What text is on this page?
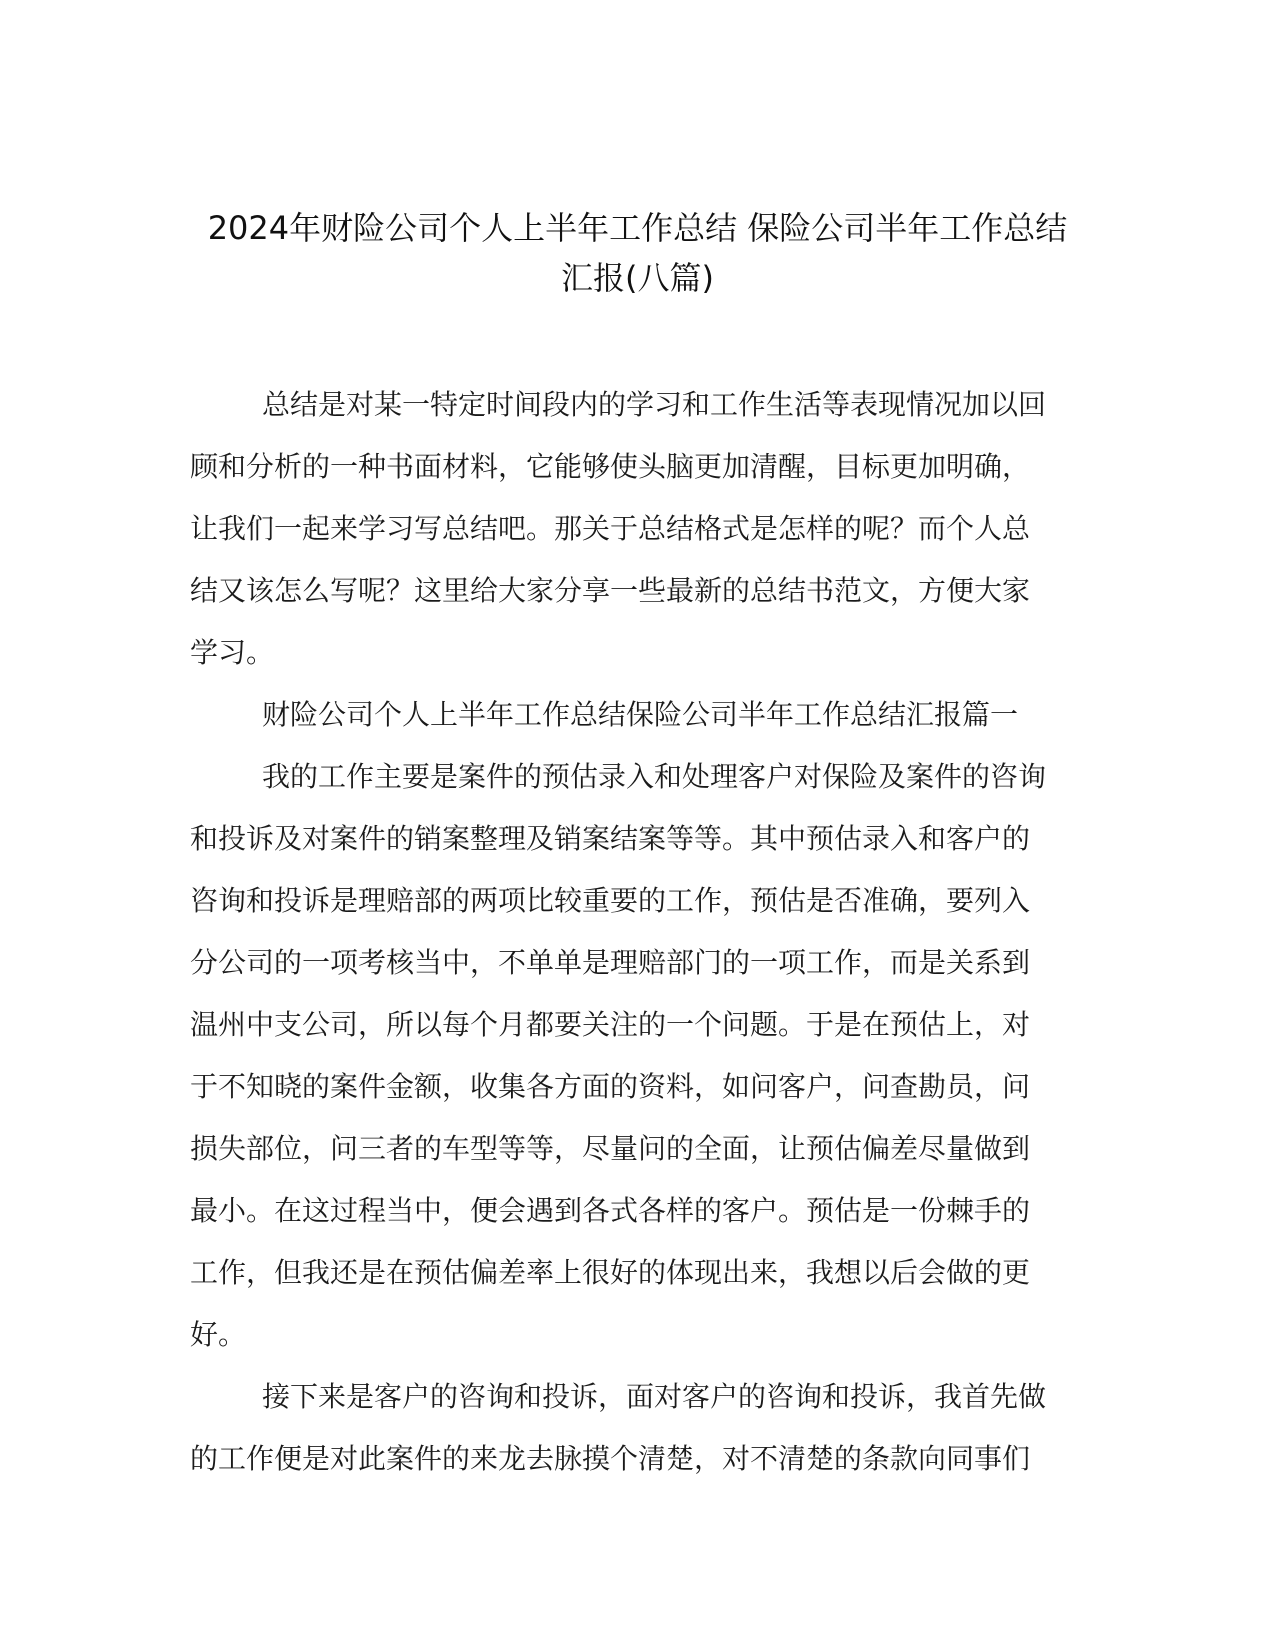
2024年财险公司个人上半年工作总结 保险公司半年工作总结
汇报(八篇)

总结是对某一特定时间段内的学习和工作生活等表现情况加以回
顾和分析的一种书面材料，它能够使头脑更加清醒，目标更加明确，
让我们一起来学习写总结吧。那关于总结格式是怎样的呢？而个人总
结又该怎么写呢？这里给大家分享一些最新的总结书范文，方便大家
学习。

财险公司个人上半年工作总结保险公司半年工作总结汇报篇一

我的工作主要是案件的预估录入和处理客户对保险及案件的咨询
和投诉及对案件的销案整理及销案结案等等。其中预估录入和客户的
咨询和投诉是理赔部的两项比较重要的工作，预估是否准确，要列入
分公司的一项考核当中，不单单是理赔部门的一项工作，而是关系到
温州中支公司，所以每个月都要关注的一个问题。于是在预估上，对
于不知晓的案件金额，收集各方面的资料，如问客户，问查勘员，问
损失部位，问三者的车型等等，尽量问的全面，让预估偏差尽量做到
最小。在这过程当中，便会遇到各式各样的客户。预估是一份棘手的
工作，但我还是在预估偏差率上很好的体现出来，我想以后会做的更
好。

接下来是客户的咨询和投诉，面对客户的咨询和投诉，我首先做
的工作便是对此案件的来龙去脉摸个清楚，对不清楚的条款向同事们
